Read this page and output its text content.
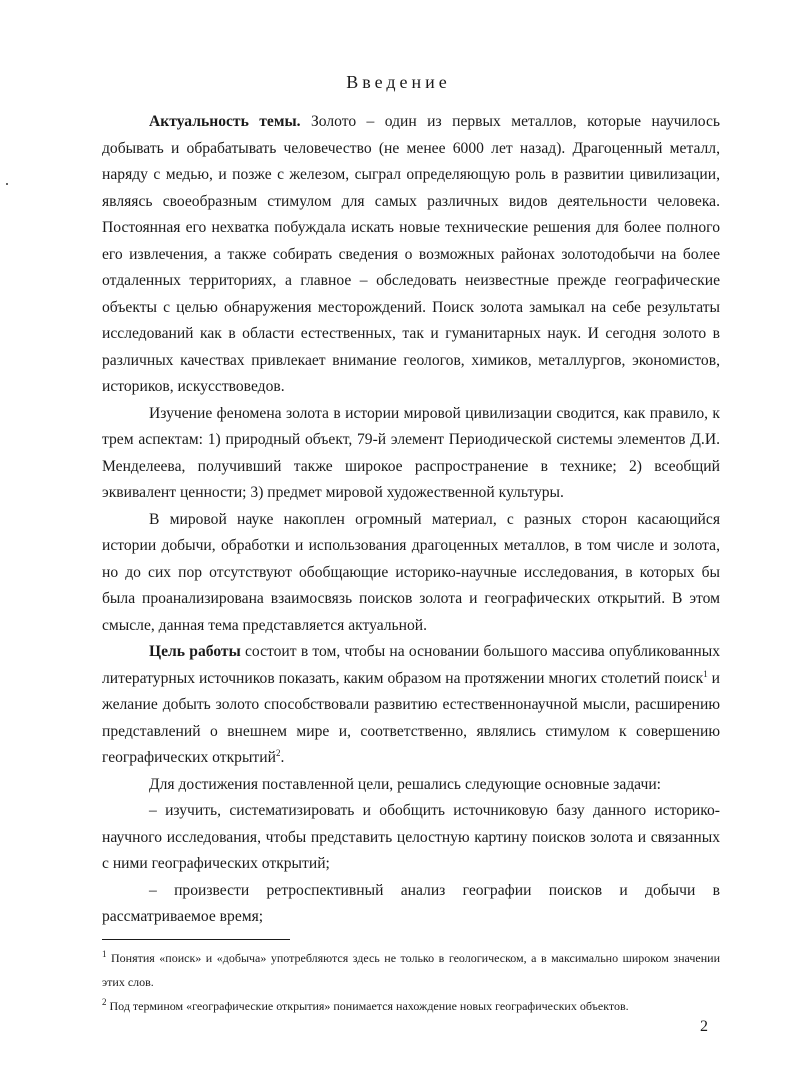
Введение

Актуальность темы. Золото – один из первых металлов, которые научилось добывать и обрабатывать человечество (не менее 6000 лет назад). Драгоценный металл, наряду с медью, и позже с железом, сыграл определяющую роль в развитии цивилизации, являясь своеобразным стимулом для самых различных видов деятельности человека. Постоянная его нехватка побуждала искать новые технические решения для более полного его извлечения, а также собирать сведения о возможных районах золотодобычи на более отдаленных территориях, а главное – обследовать неизвестные прежде географические объекты с целью обнаружения месторождений. Поиск золота замыкал на себе результаты исследований как в области естественных, так и гуманитарных наук. И сегодня золото в различных качествах привлекает внимание геологов, химиков, металлургов, экономистов, историков, искусствоведов.

Изучение феномена золота в истории мировой цивилизации сводится, как правило, к трем аспектам: 1) природный объект, 79-й элемент Периодической системы элементов Д.И. Менделеева, получивший также широкое распространение в технике; 2) всеобщий эквивалент ценности; 3) предмет мировой художественной культуры.

В мировой науке накоплен огромный материал, с разных сторон касающийся истории добычи, обработки и использования драгоценных металлов, в том числе и золота, но до сих пор отсутствуют обобщающие историко-научные исследования, в которых бы была проанализирована взаимосвязь поисков золота и географических открытий. В этом смысле, данная тема представляется актуальной.

Цель работы состоит в том, чтобы на основании большого массива опубликованных литературных источников показать, каким образом на протяжении многих столетий поиск$^1$ и желание добыть золото способствовали развитию естественнонаучной мысли, расширению представлений о внешнем мире и, соответственно, являлись стимулом к совершению географических открытий$^2$.

Для достижения поставленной цели, решались следующие основные задачи:

– изучить, систематизировать и обобщить источниковую базу данного историко-научного исследования, чтобы представить целостную картину поисков золота и связанных с ними географических открытий;

– произвести ретроспективный анализ географии поисков и добычи в рассматриваемое время;

$^1$ Понятия «поиск» и «добыча» употребляются здесь не только в геологическом, а в максимально широком значении этих слов.

$^2$ Под термином «географические открытия» понимается нахождение новых географических объектов.

2
